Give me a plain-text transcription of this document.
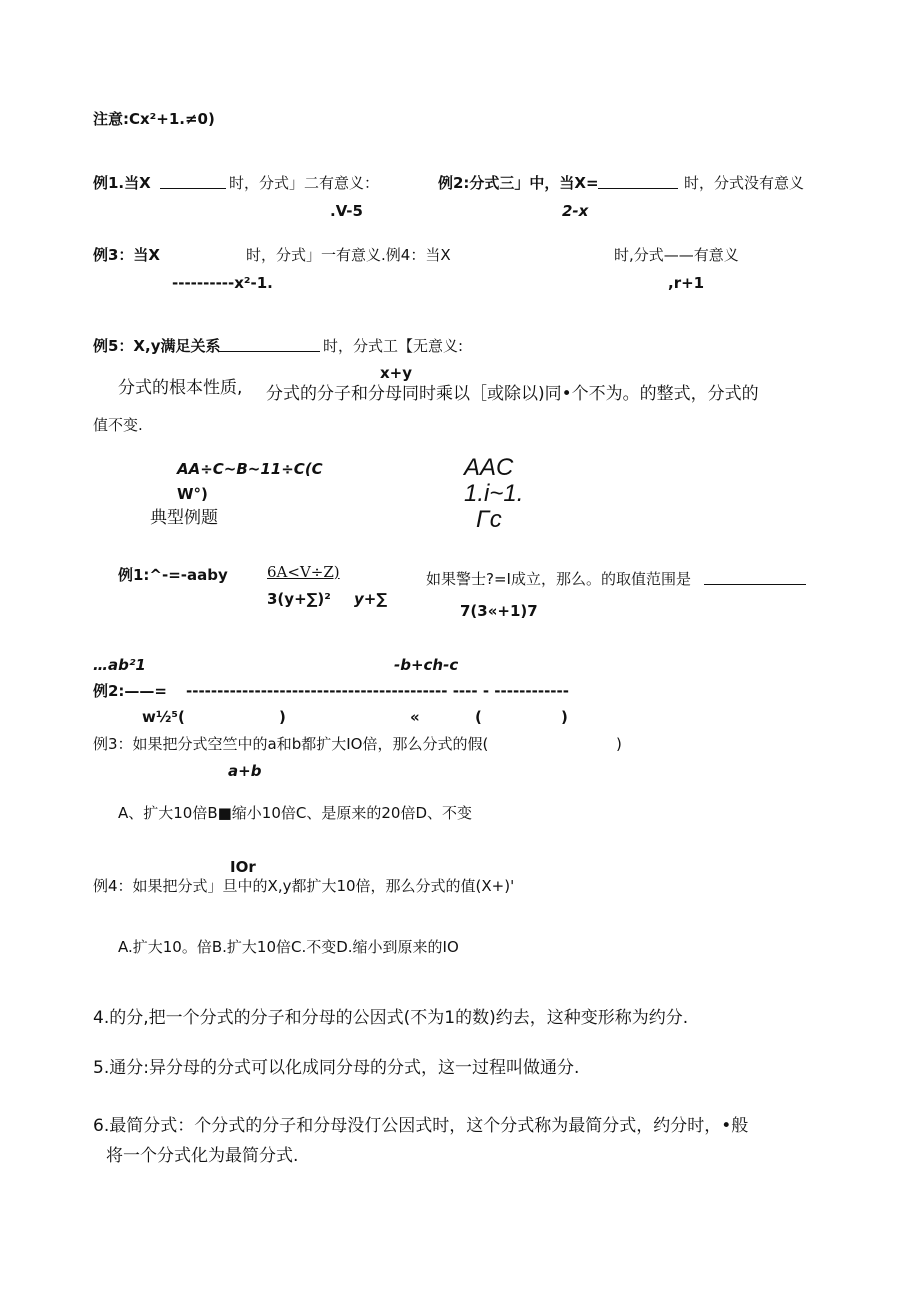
注意:Cx²+1.≠0)
例1.当X	时，分式」二有意义：
.V-5
例2:分式三」中，当X=	时，分式没有意义
2-x
例3：当X	时，分式」一有意义.例4：当X	时,分式——有意义
----------x²-1.	,r+1
例5：X,y满足关系	时，分式工【无意义:
x+y
分式的根本性质, 分式的分子和分母同时乘以［或除以)同•个不为。的整式，分式的
值不变.
AA÷C~B~11÷C(C
W°)
AAC
1.i~1.
Γc
典型例题
例1:^-=-aaby	6A<V÷Z)
3(y+∑)² y+∑
如果警士?=I成立，那么。的取值范围是
7(3«+1)7
…ab²1	-b+ch-c
例2:——= ------------------------------------------ ---- - ------------
w½⁵(	)	«	(	)
例3：如果把分式空竺中的a和b都扩大IO倍，那么分式的假(	)
a+b
A、扩大10倍B■缩小10倍C、是原来的20倍D、不变
IOr
例4：如果把分式」旦中的X,y都扩大10倍，那么分式的值(X+)'
A.扩大10。倍B.扩大10倍C.不变D.缩小到原来的IO
4.的分,把一个分式的分子和分母的公因式(不为1的数)约去，这种变形称为约分.
5.通分:异分母的分式可以化成同分母的分式，这一过程叫做通分.
6.最简分式：个分式的分子和分母没仃公因式时，这个分式称为最简分式，约分时，•般
将一个分式化为最简分式.
